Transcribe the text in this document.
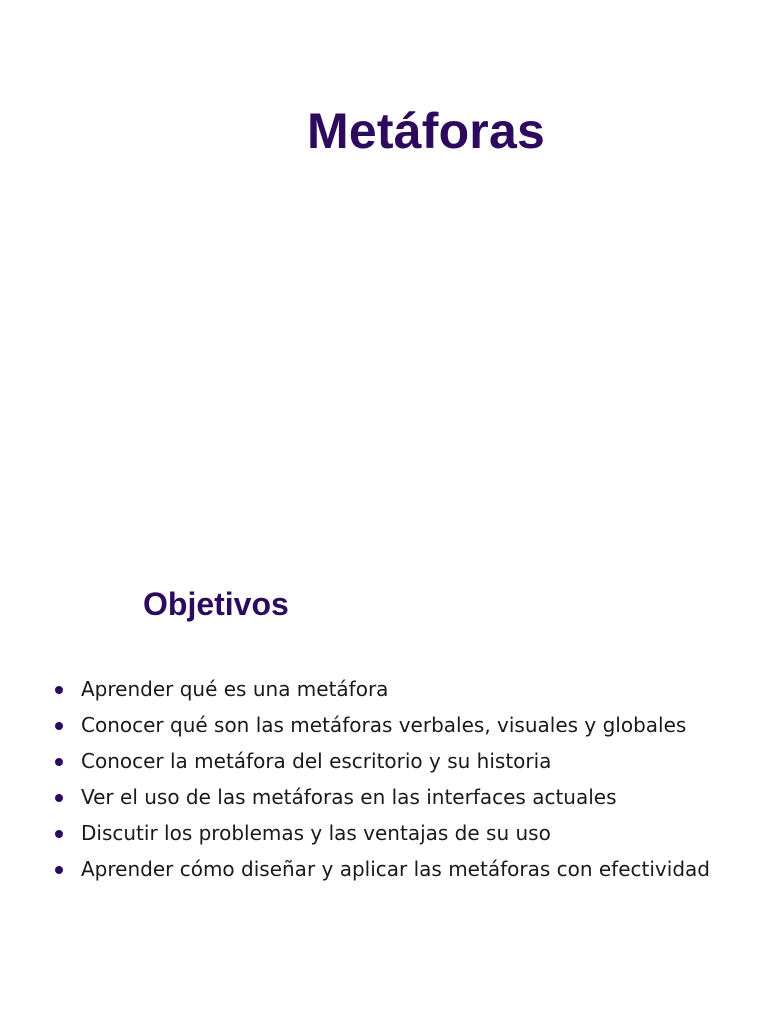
Metáforas
Objetivos
Aprender qué es una metáfora
Conocer qué son las metáforas verbales, visuales y globales
Conocer la metáfora del escritorio y su historia
Ver el uso de las metáforas en las interfaces actuales
Discutir los problemas y las ventajas de su uso
Aprender cómo diseñar y aplicar las metáforas con efectividad
